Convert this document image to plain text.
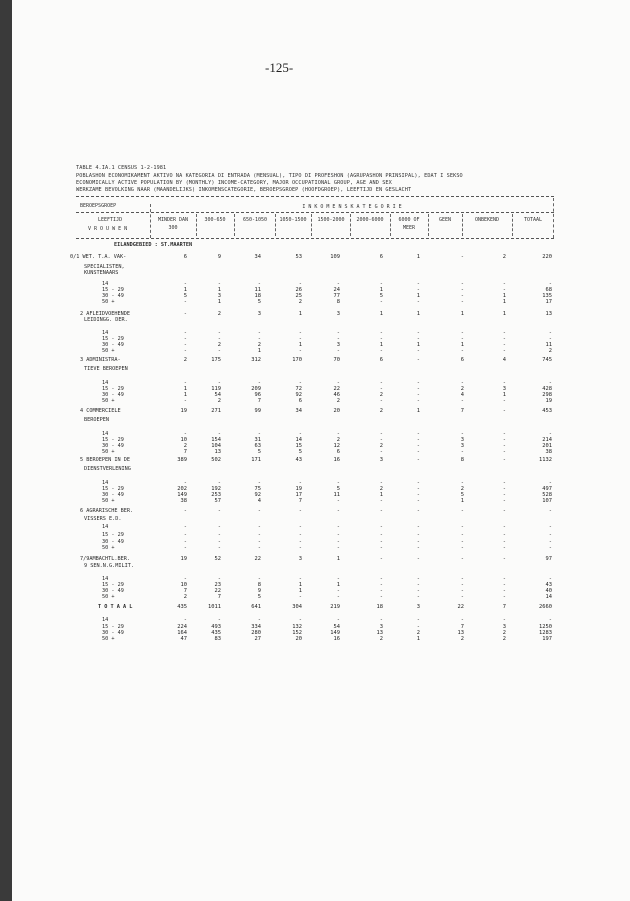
-125-
TABLE 4.IA.1 CENSUS 1-2-1981
POBLASHON ECONOMIKAMENT AKTIVO NA KATEGORIA DI ENTRADA (MENSUAL), TIPO DI PROFESHON (AGRUPASHON PRINSIPAL), EDAT I SEKSO
ECONOMICALLY ACTIVE POPULATION BY (MONTHLY) INCOME-CATEGORY, MAJOR OCCUPATIONAL GROUP, AGE AND SEX
WERKZAME BEVOLKING NAAR (MAANDELIJKS) INKOMENSCATEGORIE, BEROEPSGROEP (HOOFDGROEP), LEEFTIJD EN GESLACHT
BEROEPSGROEP
LEEFTIJD
V R O U W E N
I N K O M E N S K A T E G O R I E
MINDER DAN
300
300-650	650-1050 1050-1500 1500-2000 2000-6000	6000 OF
MEER
GEEN	ONBEKEND	TOTAAL
EILANDGEBIED : ST.MAARTEN
0/1 WET. T.A. VAK-	6	9	34	53	109	6	1	-	2	220
SPECIALISTEN,
KUNSTENAARS
14	-	-	-	-	-	-	-	-	-	-
15 - 29	1	1	11	26	24	1	-	-	-	68
30 - 49	5	3	18	25	77	5	1	-	1	135
50 +	-	1	5	2	8	-	-	-	1	17
2 AFLEIDVOEHENDE	-	2	3	1	3	1	1	1	1	13
LEIDINGG. DER.
14	-	-	-	-	-	-	-	-	-	-
15 - 29	-	-	-	-	-	-	-	-	-	-
30 - 49	-	2	2	1	3	1	1	1	-	11
50 +	-	-	1	-	-	-	-	-	-	2
3 ADMINISTRA-	2	175	312	170	70	6	-	6	4	745
TIEVE BEROEPEN
14	-	-	-	-	-	-	-	-	-	-
15 - 29	1	119	209	72	22	-	-	2	3	428
30 - 49	1	54	96	92	46	2	-	4	1	298
50 +	-	2	7	6	2	-	-	-	-	19
4 COMMERCIELE	19	271	99	34	20	2	1	7	-	453
BEROEPEN
14	-	-	-	-	-	-	-	-	-	-
15 - 29	10	154	31	14	2	-	-	3	-	214
30 - 49	2	104	63	15	12	2	-	3	-	201
50 +	7	13	5	5	6	-	-	-	-	38
5 BEROEPEN IN DE	389	502	171	43	16	3	-	8	-	1132
DIENSTVERLENING
14	-	-	-	-	-	-	-	-	-	-
15 - 29	202	192	75	19	5	2	-	2	-	497
30 - 49	149	253	92	17	11	1	-	5	-	528
50 +	38	57	4	7	-	-	-	1	-	107
6 AGRARISCHE BER.	-	-	-	-	-	-	-	-	-	-
VISSERS E.D.
14	-	-	-	-	-	-	-	-	-	-
15 - 29	-	-	-	-	-	-	-	-	-	-
30 - 49	-	-	-	-	-	-	-	-	-	-
50 +	-	-	-	-	-	-	-	-	-	-
7/9AMBACHTL.BER.	19	52	22	3	1	-	-	-	-	97
9 SEN.N.G.MILIT.
14	-	-	-	-	-	-	-	-	-	-
15 - 29	10	23	8	1	1	-	-	-	-	43
30 - 49	7	22	9	1	-	-	-	-	-	40
50 +	2	7	5	-	-	-	-	-	-	14
T O T A A L	435	1011	641	304	219	18	3	22	7	2660
14	-	-	-	-	-	-	-	-	-	-
15 - 29	224	493	334	132	54	3	-	7	3	1250
30 - 49	164	435	280	152	149	13	2	13	2	1283
50 +	47	83	27	20	16	2	1	2	2	197
